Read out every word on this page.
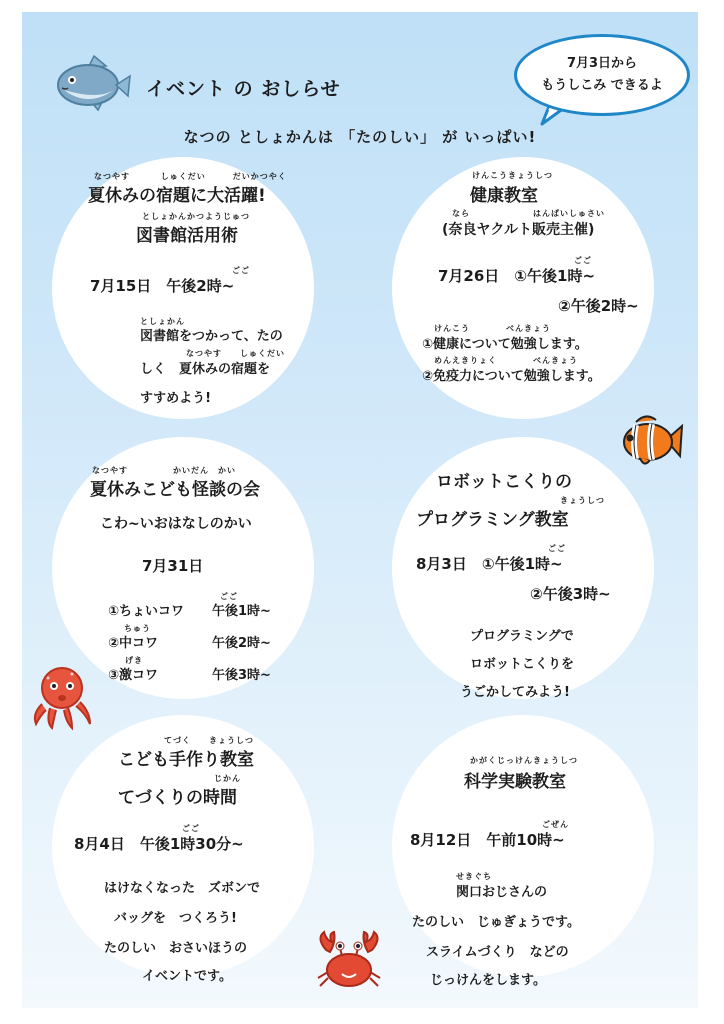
イベント の おしらせ
なつの としょかんは 「たのしい」 が いっぱい!
7月3日から
もうしこみ できるよ
なつやす　　　 しゅくだい　　　だいかつやく
夏休みの宿題に大活躍!
としょかんかつようじゅつ
図書館活用術
ごご
7月15日　午後2時~
としょかん
図書館をつかって、たの
なつやす　　しゅくだい
しく　夏休みの宿題を
すすめよう!
けんこうきょうしつ
健康教室
なら　　　　　　　はんばいしゅさい
(奈良ヤクルト販売主催)
ごご
7月26日　①午後1時~
②午後2時~
けんこう　　　　べんきょう
①健康について勉強します。
めんえきりょく　　　　べんきょう
②免疫力について勉強します。
なつやす　　　　　かいだん　かい
夏休みこども怪談の会
こわ~いおはなしのかい
7月31日
ごご
①ちょいコワ 午後1時~
ちゅう
②中コワ	午後2時~
げき
③激コワ	午後3時~
ロボットこくりの
きょうしつ
プログラミング教室
ごご
8月3日　①午後1時~
②午後3時~
プログラミングで
ロボットこくりを
うごかしてみよう!
てづく　　きょうしつ
こども手作り教室
じかん
てづくりの時間
ごご
8月4日　午後1時30分~
はけなくなった　ズボンで
バッグを　つくろう!
たのしい　おさいほうの
イベントです。
かがくじっけんきょうしつ
科学実験教室
ごぜん
8月12日　午前10時~
せきぐち
関口おじさんの
たのしい　じゅぎょうです。
スライムづくり　などの
じっけんをします。
